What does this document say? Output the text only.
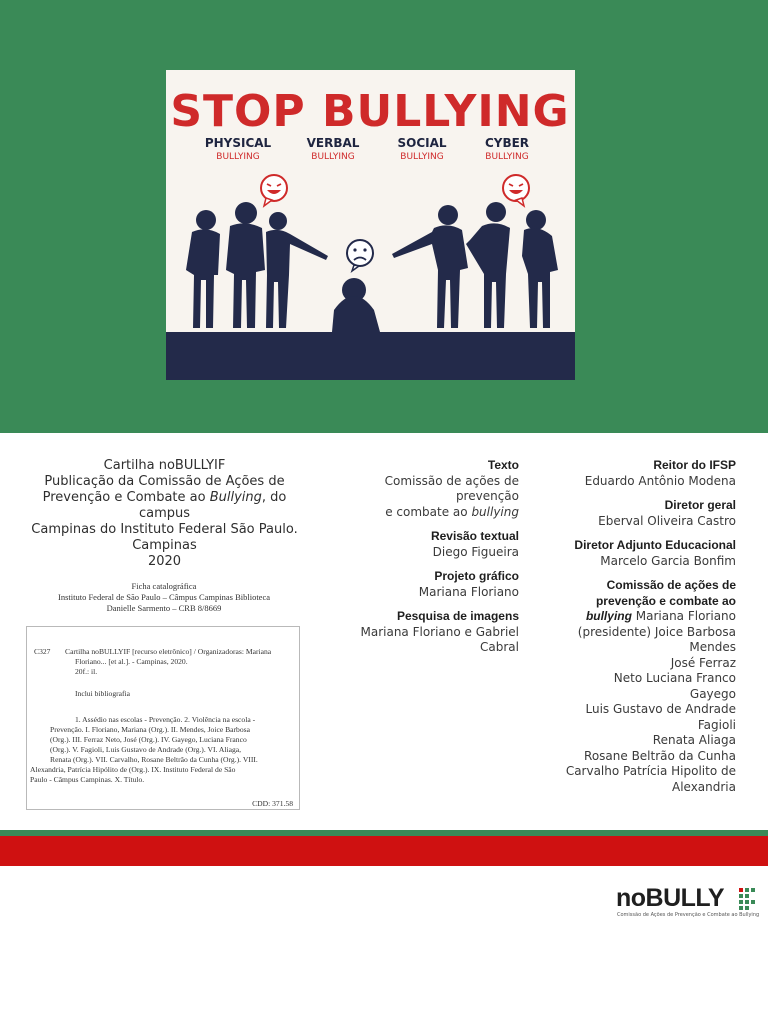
STOP BULLYING
PHYSICAL
BULLYING
VERBAL
BULLYING
SOCIAL
BULLYING
CYBER
BULLYING
Cartilha noBULLYIF
Publicação da Comissão de Ações de
Prevenção e Combate ao Bullying, do campus
Campinas do Instituto Federal São Paulo.
Campinas
2020
Ficha catalográfica
Instituto Federal de São Paulo – Câmpus Campinas Biblioteca
Danielle Sarmento – CRB 8/8669
C327 Cartilha noBULLYIF [recurso eletrônico] / Organizadoras: Mariana
Floriano... [et al.]. - Campinas, 2020.
20f.: il.
Inclui bibliografia
1. Assédio nas escolas - Prevenção. 2. Violência na escola -
Prevenção. I. Floriano, Mariana (Org.). II. Mendes, Joice Barbosa
(Org.). III. Ferraz Neto, José (Org.). IV. Gayego, Luciana Franco
(Org.). V. Fagioli, Luis Gustavo de Andrade (Org.). VI. Aliaga,
Renata (Org.). VII. Carvalho, Rosane Beltrão da Cunha (Org.). VIII.
Alexandria, Patrícia Hipólito de (Org.). IX. Instituto Federal de São
Paulo - Câmpus Campinas. X. Título.
CDD: 371.58
Texto
Comissão de ações de prevenção
e combate ao bullying
Revisão textual
Diego Figueira
Projeto gráfico
Mariana Floriano
Pesquisa de imagens
Mariana Floriano e Gabriel Cabral
Reitor do IFSP
Eduardo Antônio Modena
Diretor geral
Eberval Oliveira Castro
Diretor Adjunto Educacional
Marcelo Garcia Bonfim
Comissão de ações de prevenção e combate ao
bullying Mariana Floriano
(presidente) Joice Barbosa
Mendes
José Ferraz
Neto Luciana Franco
Gayego
Luis Gustavo de Andrade Fagioli
Renata Aliaga
Rosane Beltrão da Cunha
Carvalho Patrícia Hipolito de
Alexandria
noBULLY
Comissão de Ações de Prevenção e Combate ao Bullying
